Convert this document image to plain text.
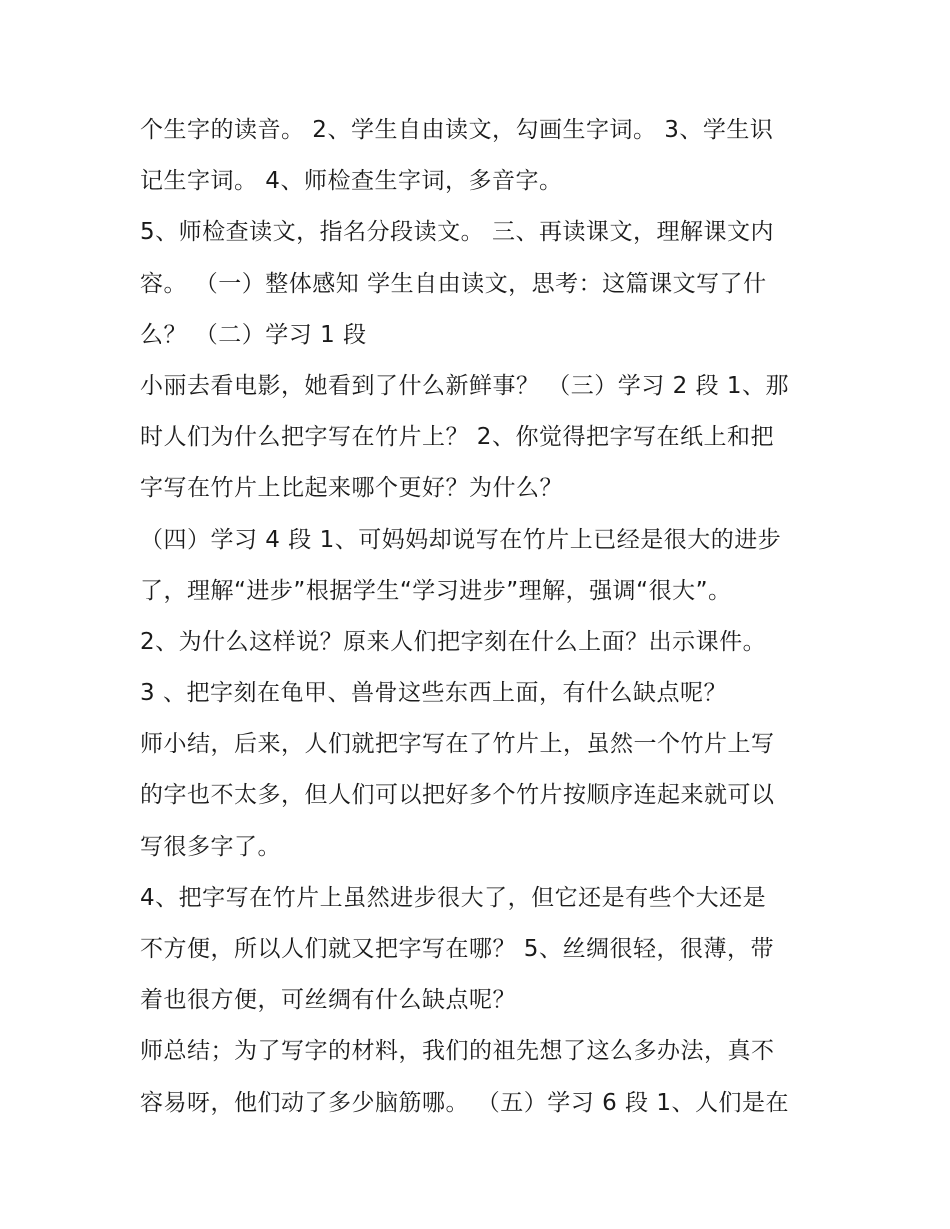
个生字的读音。 2、学生自由读文，勾画生字词。 3、学生识
记生字词。 4、师检查生字词，多音字。
5、师检查读文，指名分段读文。 三、再读课文，理解课文内
容。 （一）整体感知 学生自由读文，思考：这篇课文写了什
么？ （二）学习 1 段
小丽去看电影，她看到了什么新鲜事？ （三）学习 2 段 1、那
时人们为什么把字写在竹片上？ 2、你觉得把字写在纸上和把
字写在竹片上比起来哪个更好？为什么？
（四）学习 4 段 1、可妈妈却说写在竹片上已经是很大的进步
了，理解“进步”根据学生“学习进步”理解，强调“很大”。
2、为什么这样说？原来人们把字刻在什么上面？出示课件。
3 、把字刻在龟甲、兽骨这些东西上面，有什么缺点呢？
师小结，后来，人们就把字写在了竹片上，虽然一个竹片上写
的字也不太多，但人们可以把好多个竹片按顺序连起来就可以
写很多字了。
4、把字写在竹片上虽然进步很大了，但它还是有些个大还是
不方便，所以人们就又把字写在哪？ 5、丝绸很轻，很薄，带
着也很方便，可丝绸有什么缺点呢？
师总结；为了写字的材料，我们的祖先想了这么多办法，真不
容易呀，他们动了多少脑筋哪。 （五）学习 6 段 1、人们是在
